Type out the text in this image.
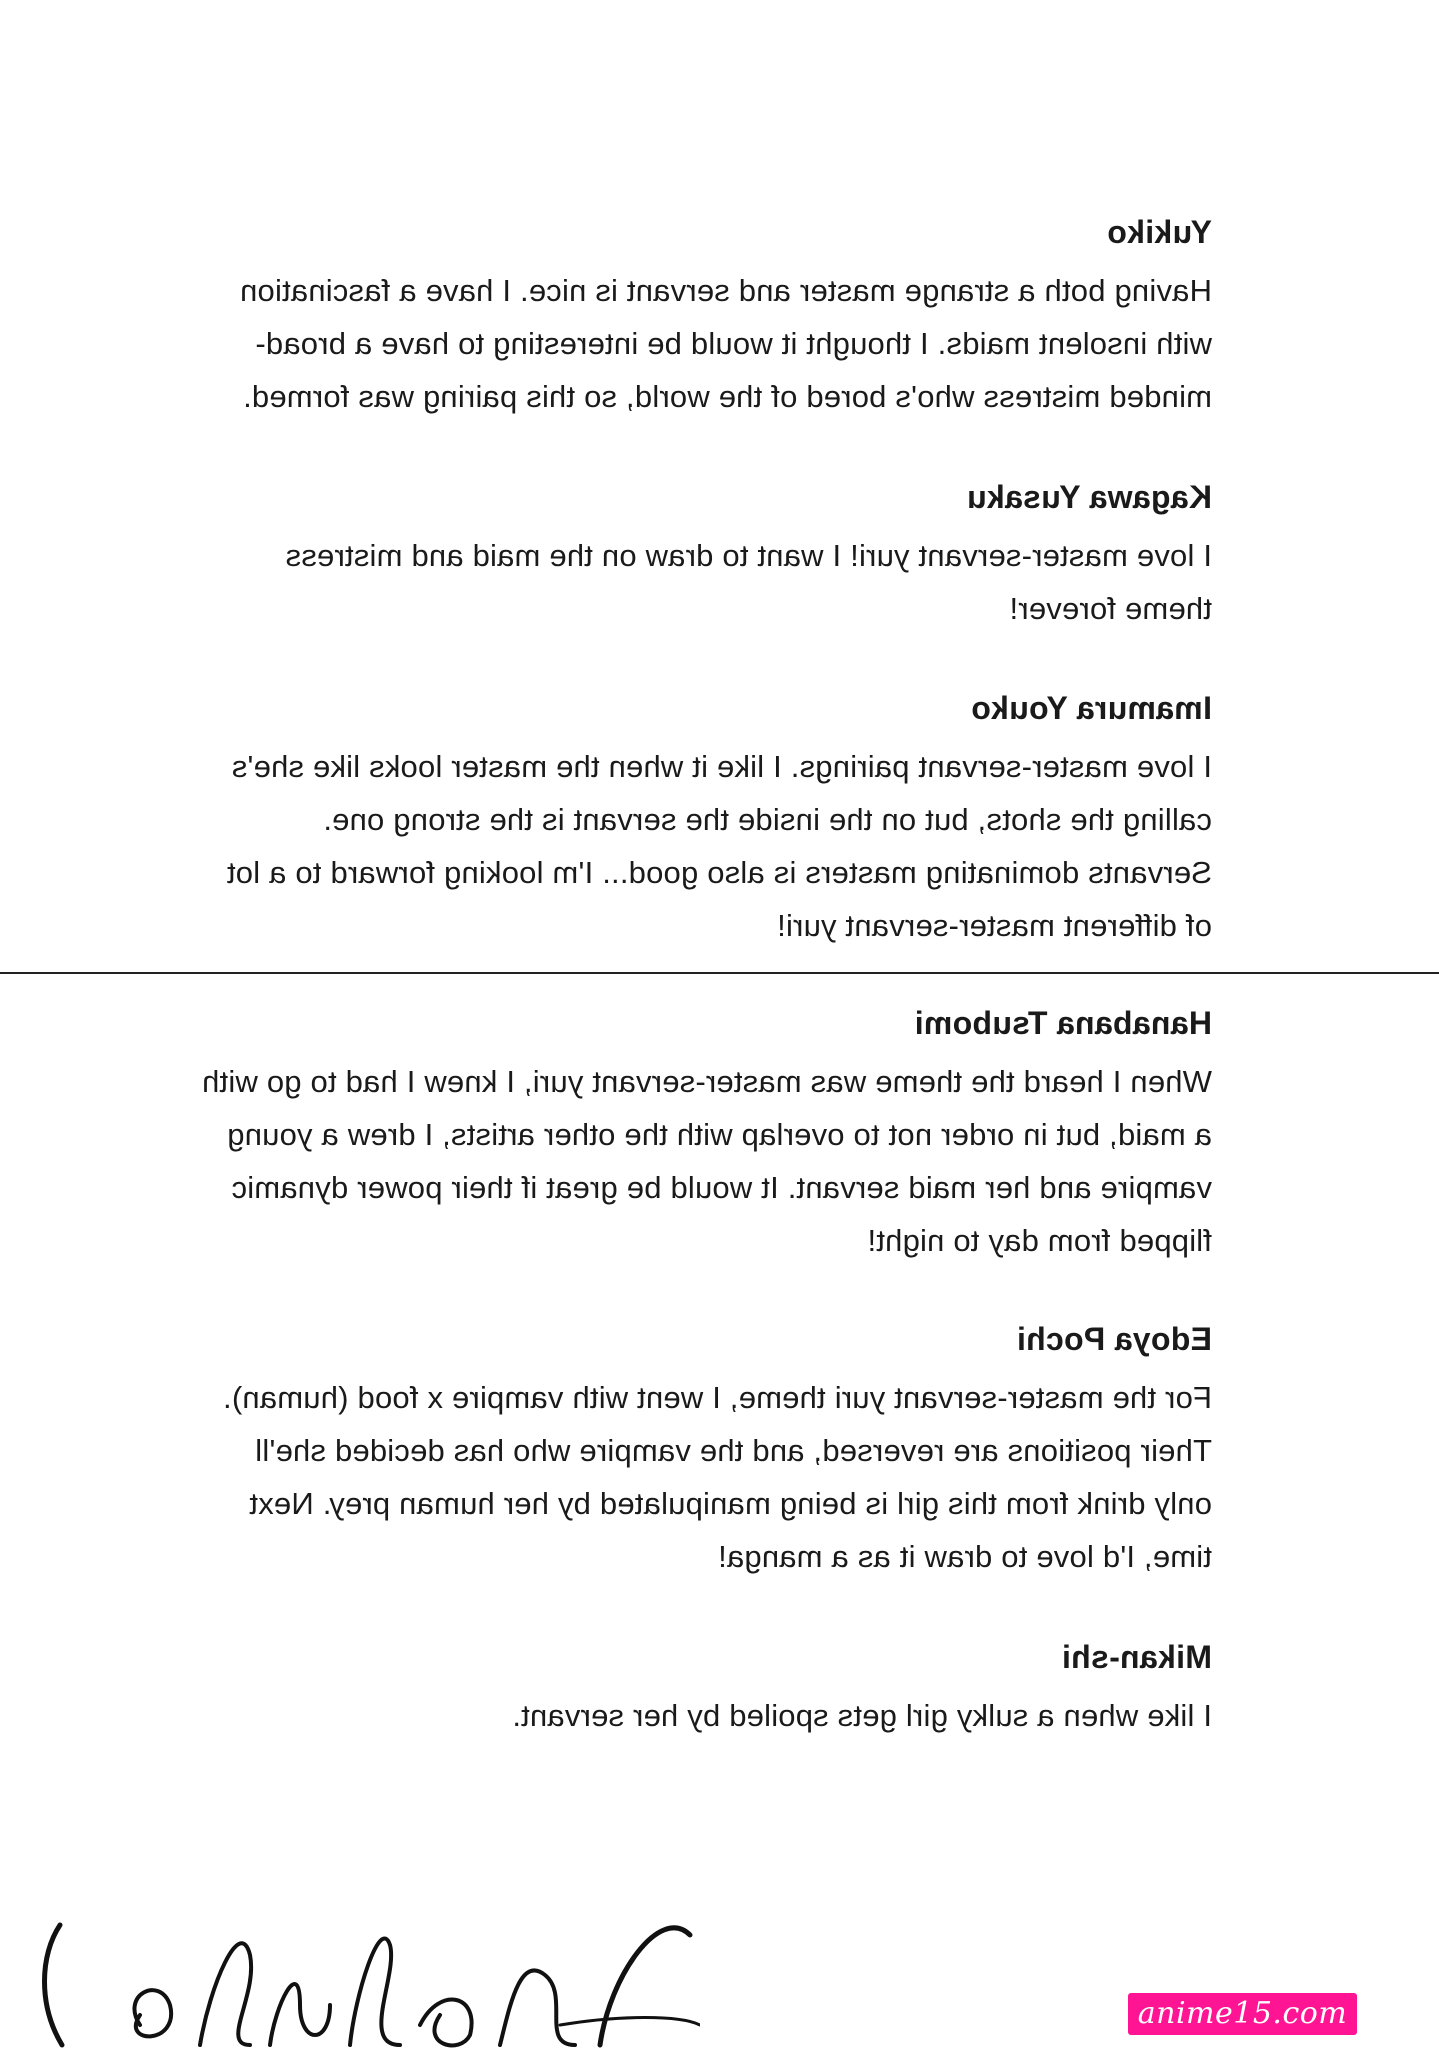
Yukiko

Having both a strange master and servant is nice. I have a fascination with insolent maids. I thought it would be interesting to have a broad-minded mistress who's bored of the world, so this pairing was formed.

Kagawa Yusaku

I love master-servant yuri! I want to draw on the maid and mistress theme forever!

Imamura Youko

I love master-servant pairings. I like it when the master looks like she's calling the shots, but on the inside the servant is the strong one. Servants dominating masters is also good... I'm looking forward to a lot of different master-servant yuri!

Hanabana Tsubomi

When I heard the theme was master-servant yuri, I knew I had to go with a maid, but in order not to overlap with the other artists, I drew a young vampire and her maid servant. It would be great if their power dynamic flipped from day to night!

Edoya Pochi

For the master-servant yuri theme, I went with vampire x food (human). Their positions are reversed, and the vampire who has decided she'll only drink from this girl is being manipulated by her human prey. Next time, I'd love to draw it as a manga!

Mikan-shi

I like when a sulky girl gets spoiled by her servant.

anime15.com
